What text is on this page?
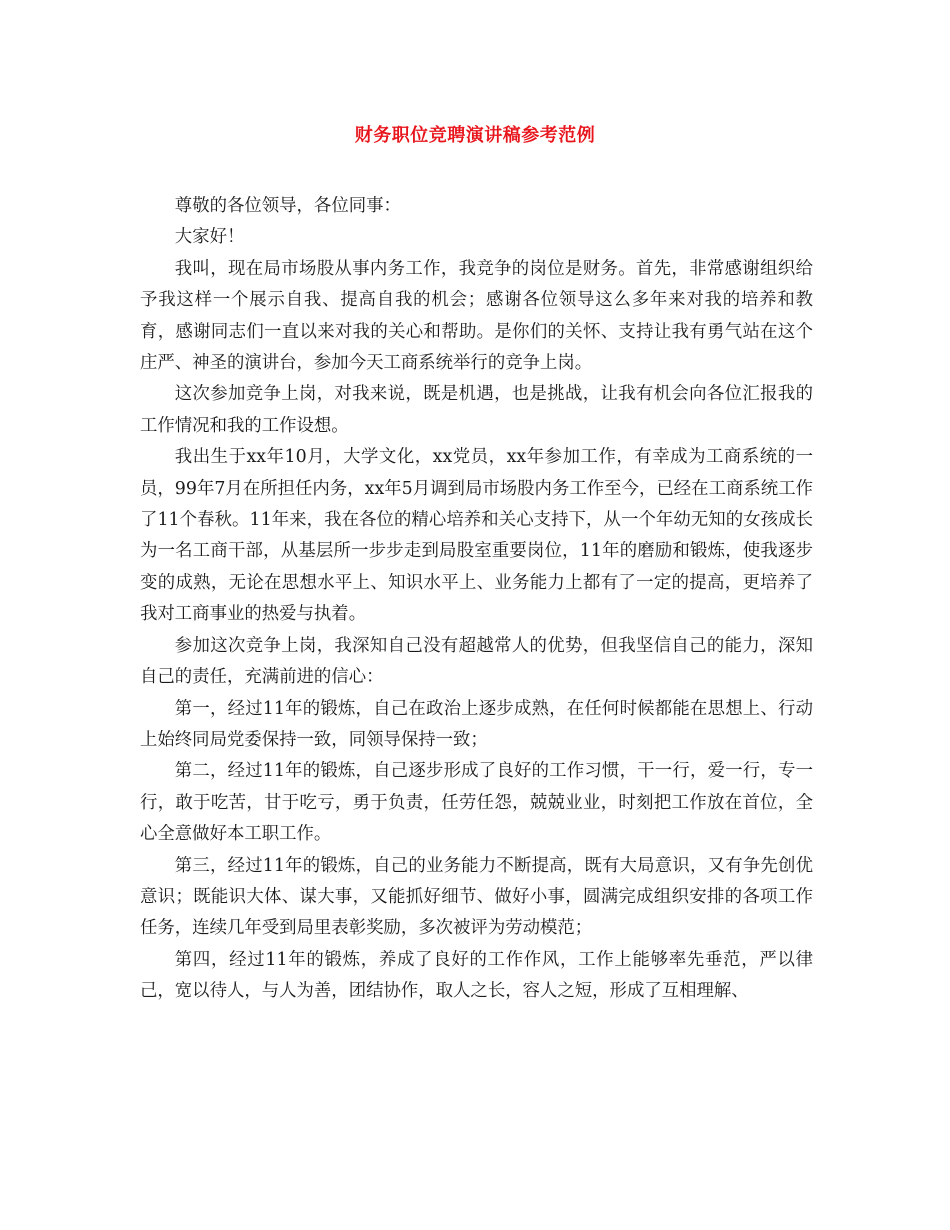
财务职位竞聘演讲稿参考范例

尊敬的各位领导，各位同事：

大家好！

我叫，现在局市场股从事内务工作，我竞争的岗位是财务。首先，非常感谢组织给予我这样一个展示自我、提高自我的机会；感谢各位领导这么多年来对我的培养和教育，感谢同志们一直以来对我的关心和帮助。是你们的关怀、支持让我有勇气站在这个庄严、神圣的演讲台，参加今天工商系统举行的竞争上岗。

这次参加竞争上岗，对我来说，既是机遇，也是挑战，让我有机会向各位汇报我的工作情况和我的工作设想。

我出生于xx年10月，大学文化，xx党员，xx年参加工作，有幸成为工商系统的一员，99年7月在所担任内务，xx年5月调到局市场股内务工作至今，已经在工商系统工作了11个春秋。11年来，我在各位的精心培养和关心支持下，从一个年幼无知的女孩成长为一名工商干部，从基层所一步步走到局股室重要岗位，11年的磨励和锻炼，使我逐步变的成熟，无论在思想水平上、知识水平上、业务能力上都有了一定的提高，更培养了我对工商事业的热爱与执着。

参加这次竞争上岗，我深知自己没有超越常人的优势，但我坚信自己的能力，深知自己的责任，充满前进的信心：

第一，经过11年的锻炼，自己在政治上逐步成熟，在任何时候都能在思想上、行动上始终同局党委保持一致，同领导保持一致；

第二，经过11年的锻炼，自己逐步形成了良好的工作习惯，干一行，爱一行，专一行，敢于吃苦，甘于吃亏，勇于负责，任劳任怨，兢兢业业，时刻把工作放在首位，全心全意做好本工职工作。

第三，经过11年的锻炼，自己的业务能力不断提高，既有大局意识，又有争先创优意识；既能识大体、谋大事，又能抓好细节、做好小事，圆满完成组织安排的各项工作任务，连续几年受到局里表彰奖励，多次被评为劳动模范；

第四，经过11年的锻炼，养成了良好的工作作风，工作上能够率先垂范，严以律己，宽以待人，与人为善，团结协作，取人之长，容人之短，形成了互相理解、
